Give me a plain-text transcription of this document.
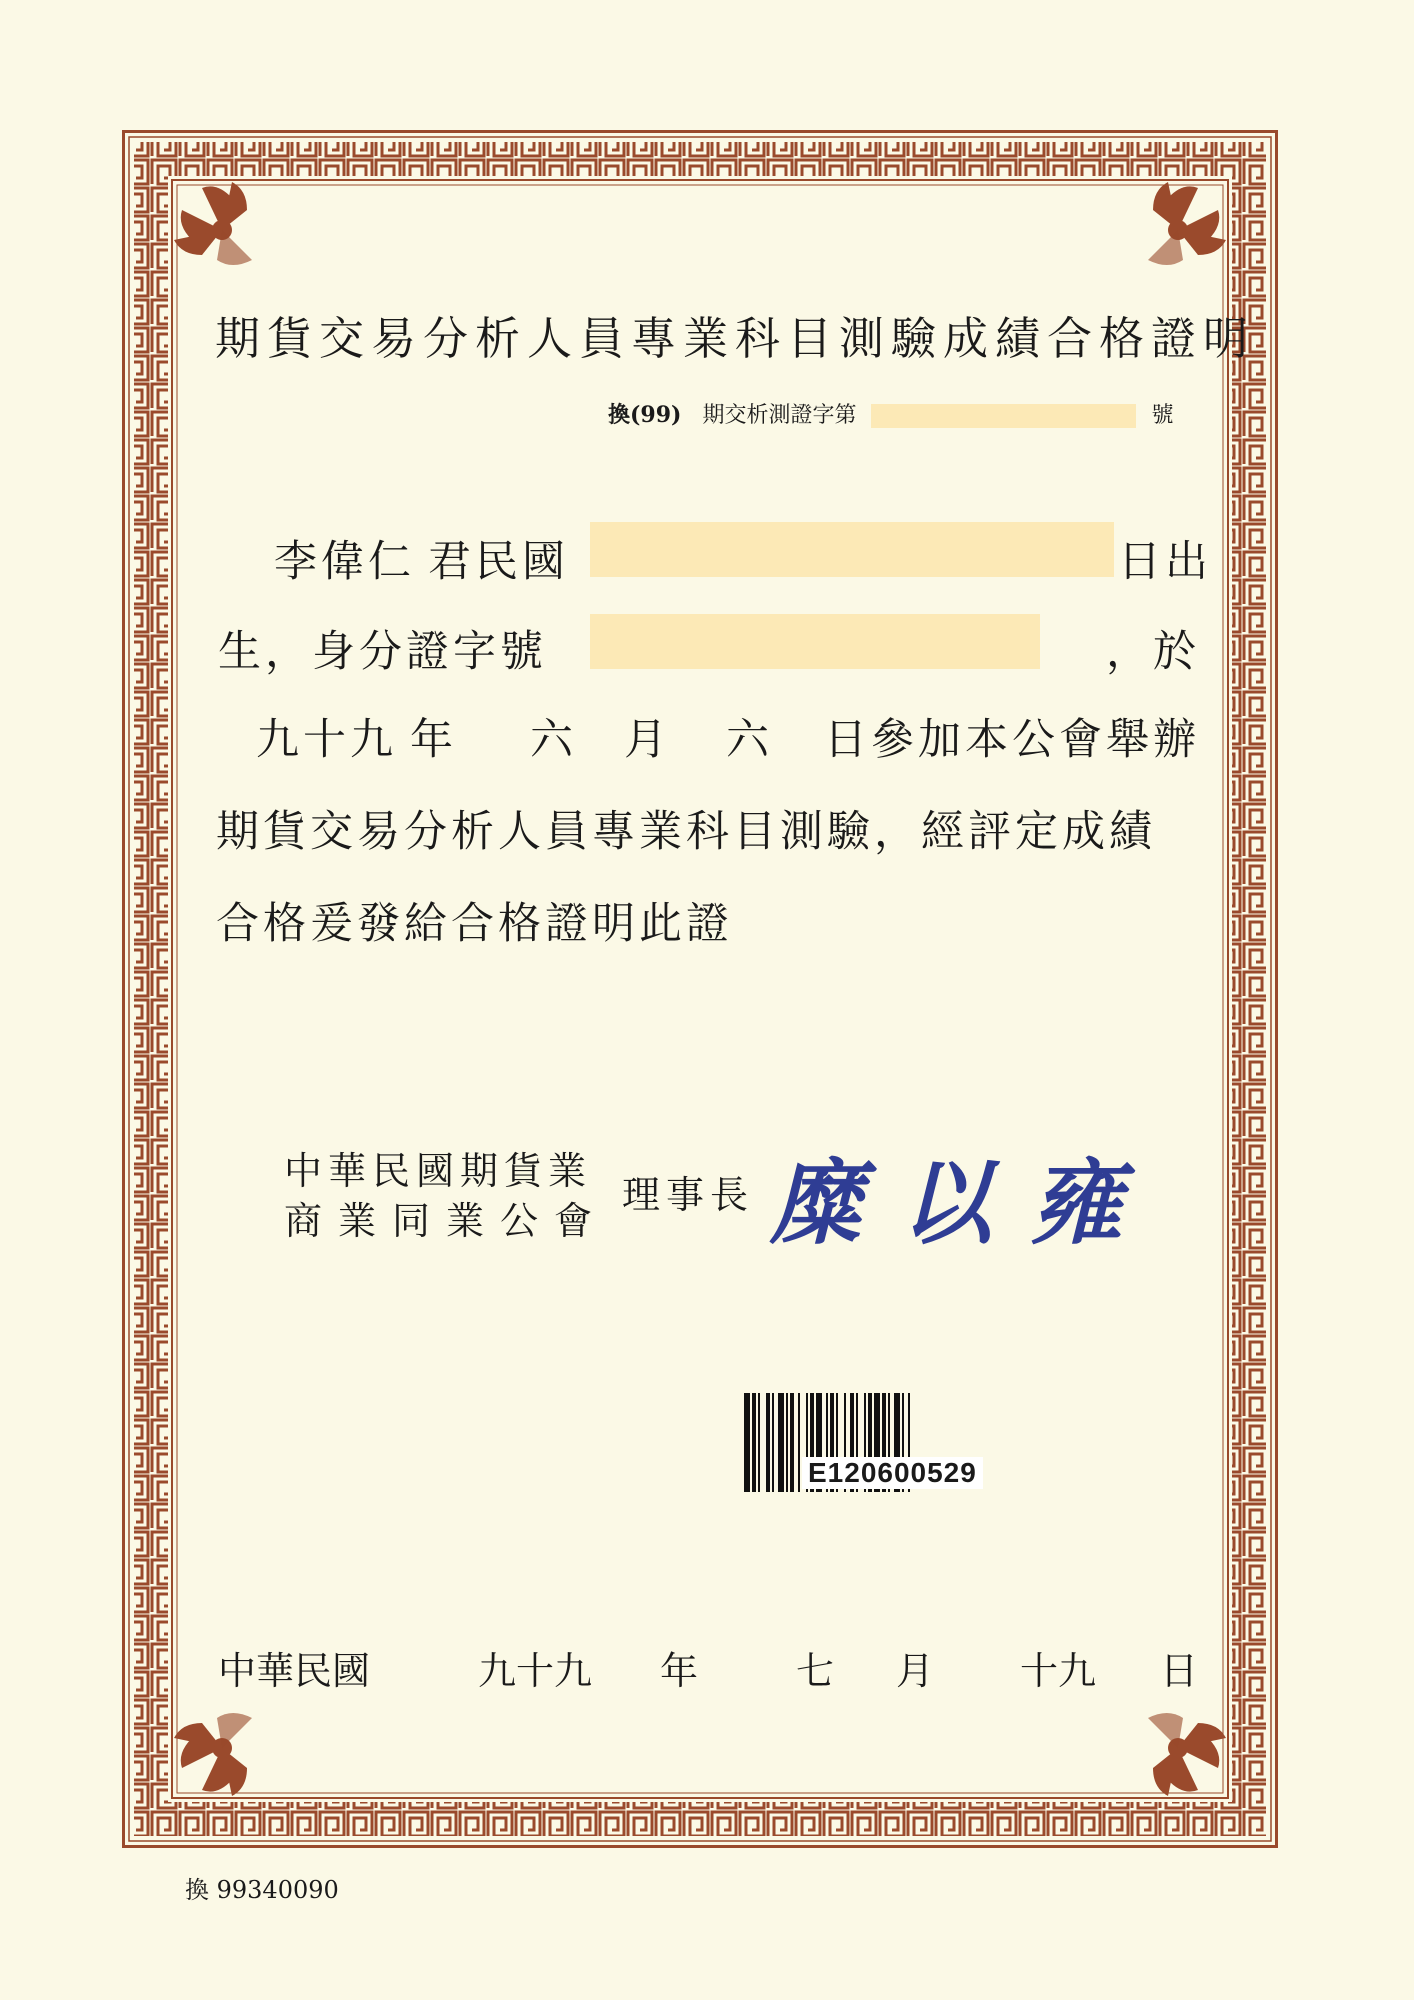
期貨交易分析人員專業科目測驗成績合格證明
換(99) 期交析測證字第	號
李偉仁 君民國	日出
生，身分證字號	，於
九十九 年 六 月 六 日參加本公會舉辦
期貨交易分析人員專業科目測驗，經評定成績
合格爰發給合格證明此證
中華民國期貨業
商業同業公會
理事長 糜以雍
E120600529
中華民國	九十九 年	七 月 十九 日
換 99340090
